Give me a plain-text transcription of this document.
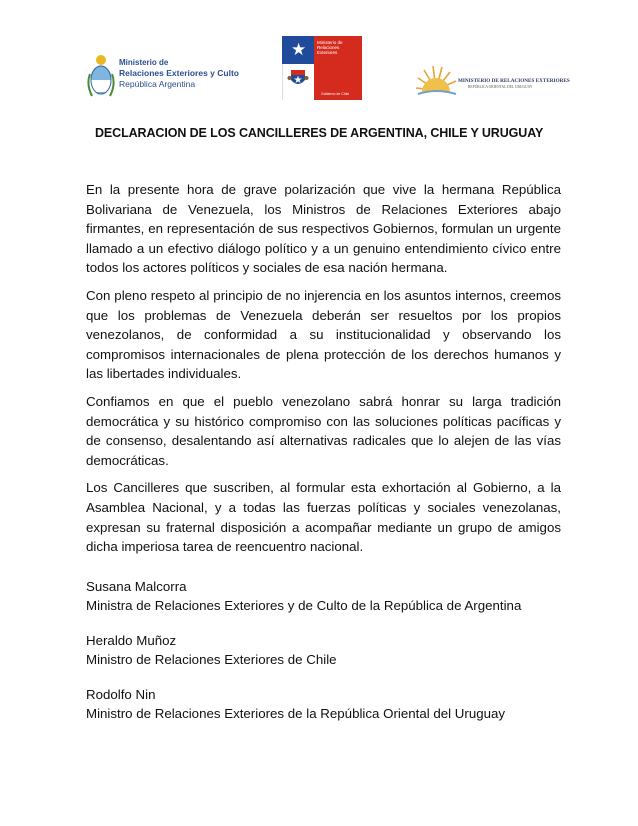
Ministerio de
Relaciones Exteriores y Culto
República Argentina
★ Ministerio de
Relaciones
Exteriores
Gobierno de Chile
MINISTERIO DE RELACIONES EXTERIORES
REPÚBLICA ORIENTAL DEL URUGUAY
DECLARACION DE LOS CANCILLERES DE ARGENTINA, CHILE Y URUGUAY

En la presente hora de grave polarización que vive la hermana República Bolivariana de Venezuela, los Ministros de Relaciones Exteriores abajo firmantes, en representación de sus respectivos Gobiernos, formulan un urgente llamado a un efectivo diálogo político y a un genuino entendimiento cívico entre todos los actores políticos y sociales de esa nación hermana.

Con pleno respeto al principio de no injerencia en los asuntos internos, creemos que los problemas de Venezuela deberán ser resueltos por los propios venezolanos, de conformidad a su institucionalidad y observando los compromisos internacionales de plena protección de los derechos humanos y las libertades individuales.

Confiamos en que el pueblo venezolano sabrá honrar su larga tradición democrática y su histórico compromiso con las soluciones políticas pacíficas y de consenso, desalentando así alternativas radicales que lo alejen de las vías democráticas.

Los Cancilleres que suscriben, al formular esta exhortación al Gobierno, a la Asamblea Nacional, y a todas las fuerzas políticas y sociales venezolanas, expresan su fraternal disposición a acompañar mediante un grupo de amigos dicha imperiosa tarea de reencuentro nacional.

Susana Malcorra
Ministra de Relaciones Exteriores y de Culto de la República de Argentina
Heraldo Muñoz
Ministro de Relaciones Exteriores de Chile
Rodolfo Nin
Ministro de Relaciones Exteriores de la República Oriental del Uruguay
